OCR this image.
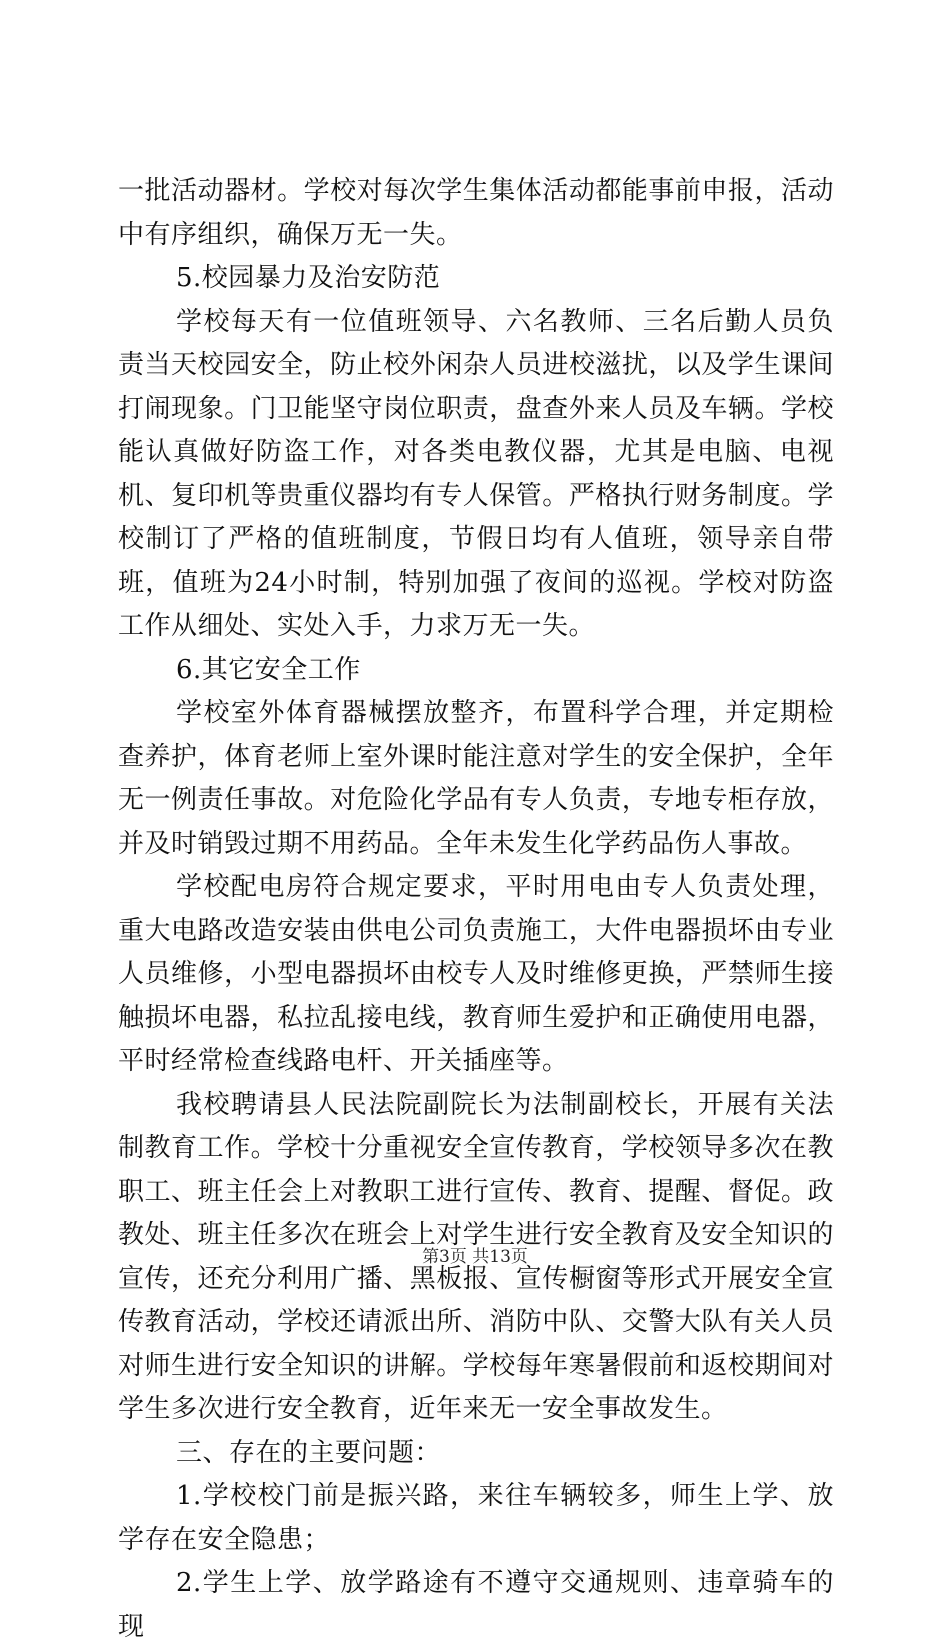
一批活动器材。学校对每次学生集体活动都能事前申报，活动中有序组织，确保万无一失。

5.校园暴力及治安防范

学校每天有一位值班领导、六名教师、三名后勤人员负责当天校园安全，防止校外闲杂人员进校滋扰，以及学生课间打闹现象。门卫能坚守岗位职责，盘查外来人员及车辆。学校能认真做好防盗工作，对各类电教仪器，尤其是电脑、电视机、复印机等贵重仪器均有专人保管。严格执行财务制度。学校制订了严格的值班制度，节假日均有人值班，领导亲自带班，值班为24小时制，特别加强了夜间的巡视。学校对防盗工作从细处、实处入手，力求万无一失。

6.其它安全工作

学校室外体育器械摆放整齐，布置科学合理，并定期检查养护，体育老师上室外课时能注意对学生的安全保护，全年无一例责任事故。对危险化学品有专人负责，专地专柜存放，并及时销毁过期不用药品。全年未发生化学药品伤人事故。

学校配电房符合规定要求，平时用电由专人负责处理，重大电路改造安装由供电公司负责施工，大件电器损坏由专业人员维修，小型电器损坏由校专人及时维修更换，严禁师生接触损坏电器，私拉乱接电线，教育师生爱护和正确使用电器，平时经常检查线路电杆、开关插座等。

我校聘请县人民法院副院长为法制副校长，开展有关法制教育工作。学校十分重视安全宣传教育，学校领导多次在教职工、班主任会上对教职工进行宣传、教育、提醒、督促。政教处、班主任多次在班会上对学生进行安全教育及安全知识的宣传，还充分利用广播、黑板报、宣传橱窗等形式开展安全宣传教育活动，学校还请派出所、消防中队、交警大队有关人员对师生进行安全知识的讲解。学校每年寒暑假前和返校期间对学生多次进行安全教育，近年来无一安全事故发生。

三、存在的主要问题：

1.学校校门前是振兴路，来往车辆较多，师生上学、放学存在安全隐患；

2.学生上学、放学路途有不遵守交通规则、违章骑车的现

第3页 共13页
